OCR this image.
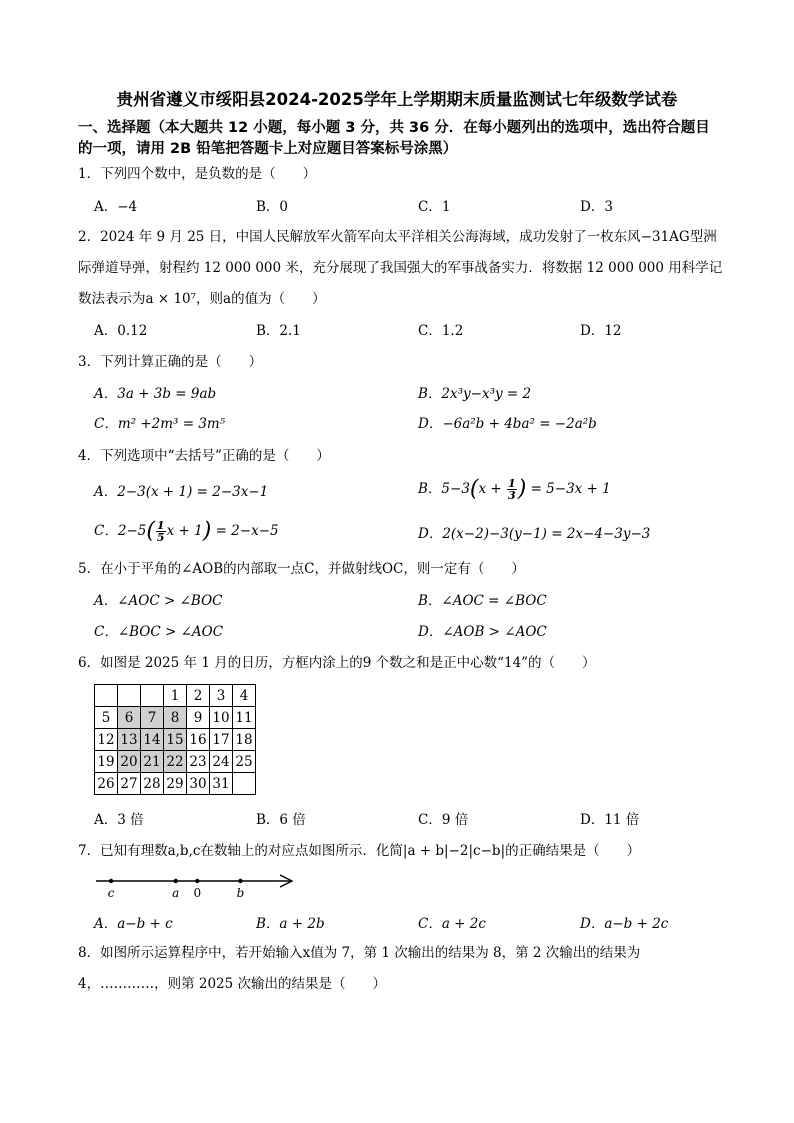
贵州省遵义市绥阳县2024-2025学年上学期期末质量监测试七年级数学试卷
一、选择题（本大题共 12 小题，每小题 3 分，共 36 分．在每小题列出的选项中，选出符合题目
的一项，请用 2B 铅笔把答题卡上对应题目答案标号涂黑）
1．下列四个数中，是负数的是（　　）
A．−4	B．0	C．1	D．3
2．2024 年 9 月 25 日，中国人民解放军火箭军向太平洋相关公海海域，成功发射了一枚东风−31AG型洲
际弹道导弹，射程约 12 000 000 米，充分展现了我国强大的军事战备实力．将数据 12 000 000 用科学记
数法表示为a × 10⁷，则a的值为（　　）
A．0.12	B．2.1	C．1.2	D．12
3．下列计算正确的是（　　）
A．3a + 3b = 9ab	B．2x³y−x³y = 2
C．m² +2m³ = 3m⁵	D．−6a²b + 4ba² = −2a²b
4．下列选项中“去括号”正确的是（　　）
A．2−3(x + 1) = 2−3x−1	B．$5-3(x + \frac{1}{3}$ ) = 5−3x + 1
C．$2-5( \frac{1}{5}$ x + 1) = 2−x−5	D．2(x−2)−3(y−1) = 2x−4−3y−3
5．在小于平角的∠AOB的内部取一点C，并做射线OC，则一定有（　　）
A．∠AOC > ∠BOC	B．∠AOC = ∠BOC
C．∠BOC > ∠AOC	D．∠AOB > ∠AOC
6．如图是 2025 年 1 月的日历，方框内涂上的9 个数之和是正中心数“14”的（　　）
			1	2	3	4
5	6	7	8	9	10	11
12	13	14	15	16	17	18
19	20	21	22	23	24	25
26	27	28	29	30	31	
A．3 倍	B．6 倍	C．9 倍	D．11 倍
7．已知有理数a,b,c在数轴上的对应点如图所示．化简|a + b|−2|c−b|的正确结果是（　　）
c	a 0	b
A．a−b + c	B．a + 2b	C．a + 2c	D．a−b + 2c
8．如图所示运算程序中，若开始输入x值为 7，第 1 次输出的结果为 8，第 2 次输出的结果为
4，…………，则第 2025 次输出的结果是（　　）
